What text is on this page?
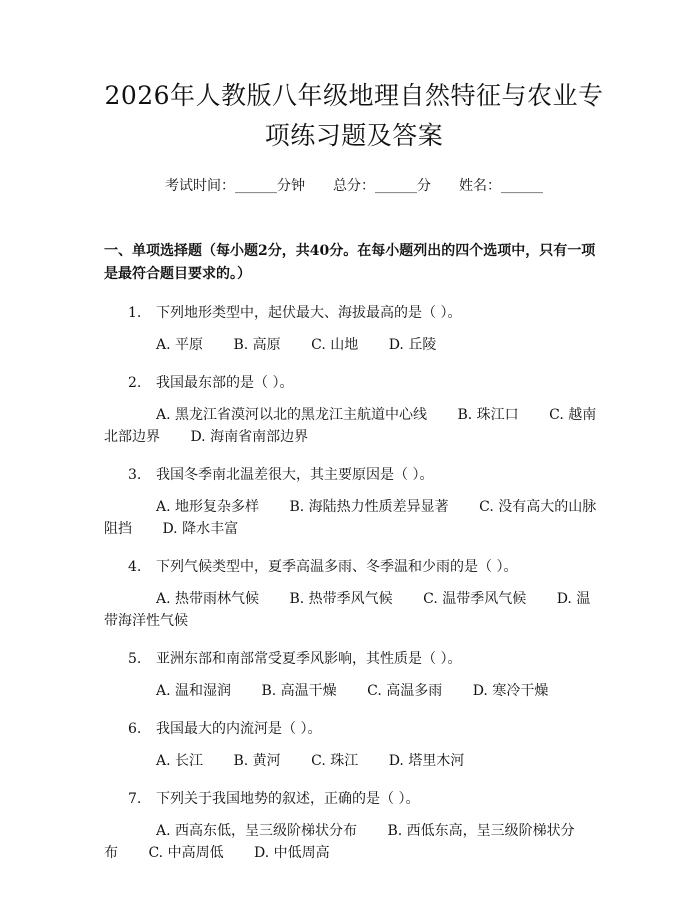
2026年人教版八年级地理自然特征与农业专项练习题及答案
考试时间：______分钟 总分：______分 姓名：______
一、单项选择题（每小题2分，共40分。在每小题列出的四个选项中，只有一项是最符合题目要求的。）
1. 下列地形类型中，起伏最大、海拔最高的是（ ）。
A. 平原 B. 高原 C. 山地 D. 丘陵
2. 我国最东部的是（ ）。
A. 黑龙江省漠河以北的黑龙江主航道中心线 B. 珠江口 C. 越南北部边界 D. 海南省南部边界
3. 我国冬季南北温差很大，其主要原因是（ ）。
A. 地形复杂多样 B. 海陆热力性质差异显著 C. 没有高大的山脉阻挡 D. 降水丰富
4. 下列气候类型中，夏季高温多雨、冬季温和少雨的是（ ）。
A. 热带雨林气候 B. 热带季风气候 C. 温带季风气候 D. 温带海洋性气候
5. 亚洲东部和南部常受夏季风影响，其性质是（ ）。
A. 温和湿润 B. 高温干燥 C. 高温多雨 D. 寒冷干燥
6. 我国最大的内流河是（ ）。
A. 长江 B. 黄河 C. 珠江 D. 塔里木河
7. 下列关于我国地势的叙述，正确的是（ ）。
A. 西高东低，呈三级阶梯状分布 B. 西低东高，呈三级阶梯状分布 C. 中高周低 D. 中低周高
